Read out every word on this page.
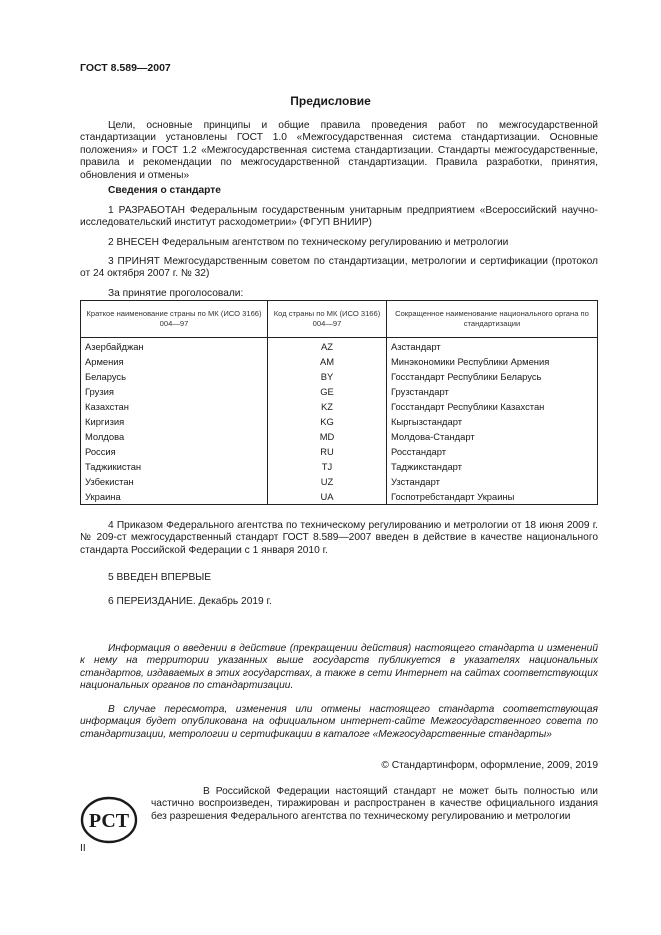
ГОСТ 8.589—2007
Предисловие
Цели, основные принципы и общие правила проведения работ по межгосударственной стандартизации установлены ГОСТ 1.0 «Межгосударственная система стандартизации. Основные положения» и ГОСТ 1.2 «Межгосударственная система стандартизации. Стандарты межгосударственные, правила и рекомендации по межгосударственной стандартизации. Правила разработки, принятия, обновления и отмены»
Сведения о стандарте
1 РАЗРАБОТАН Федеральным государственным унитарным предприятием «Всероссийский научно-исследовательский институт расходометрии» (ФГУП ВНИИР)
2 ВНЕСЕН Федеральным агентством по техническому регулированию и метрологии
3 ПРИНЯТ Межгосударственным советом по стандартизации, метрологии и сертификации (протокол от 24 октября 2007 г. № 32)
За принятие проголосовали:
Краткое наименование страны по МК (ИСО 3166) 004—97	Код страны по МК (ИСО 3166) 004—97	Сокращенное наименование национального органа по стандартизации
Азербайджан	AZ	Азстандарт
Армения	AM	Минэкономики Республики Армения
Беларусь	BY	Госстандарт Республики Беларусь
Грузия	GE	Грузстандарт
Казахстан	KZ	Госстандарт Республики Казахстан
Киргизия	KG	Кыргызстандарт
Молдова	MD	Молдова-Стандарт
Россия	RU	Росстандарт
Таджикистан	TJ	Таджикстандарт
Узбекистан	UZ	Узстандарт
Украина	UA	Госпотребстандарт Украины
4 Приказом Федерального агентства по техническому регулированию и метрологии от 18 июня 2009 г. № 209-ст межгосударственный стандарт ГОСТ 8.589—2007 введен в действие в качестве национального стандарта Российской Федерации с 1 января 2010 г.
5 ВВЕДЕН ВПЕРВЫЕ
6 ПЕРЕИЗДАНИЕ. Декабрь 2019 г.
Информация о введении в действие (прекращении действия) настоящего стандарта и изменений к нему на территории указанных выше государств публикуется в указателях национальных стандартов, издаваемых в этих государствах, а также в сети Интернет на сайтах соответствующих национальных органов по стандартизации.
В случае пересмотра, изменения или отмены настоящего стандарта соответствующая информация будет опубликована на официальном интернет-сайте Межгосударственного совета по стандартизации, метрологии и сертификации в каталоге «Межгосударственные стандарты»
© Стандартинформ, оформление, 2009, 2019
РСТ
В Российской Федерации настоящий стандарт не может быть полностью или частично воспроизведен, тиражирован и распространен в качестве официального издания без разрешения Федерального агентства по техническому регулированию и метрологии
II
